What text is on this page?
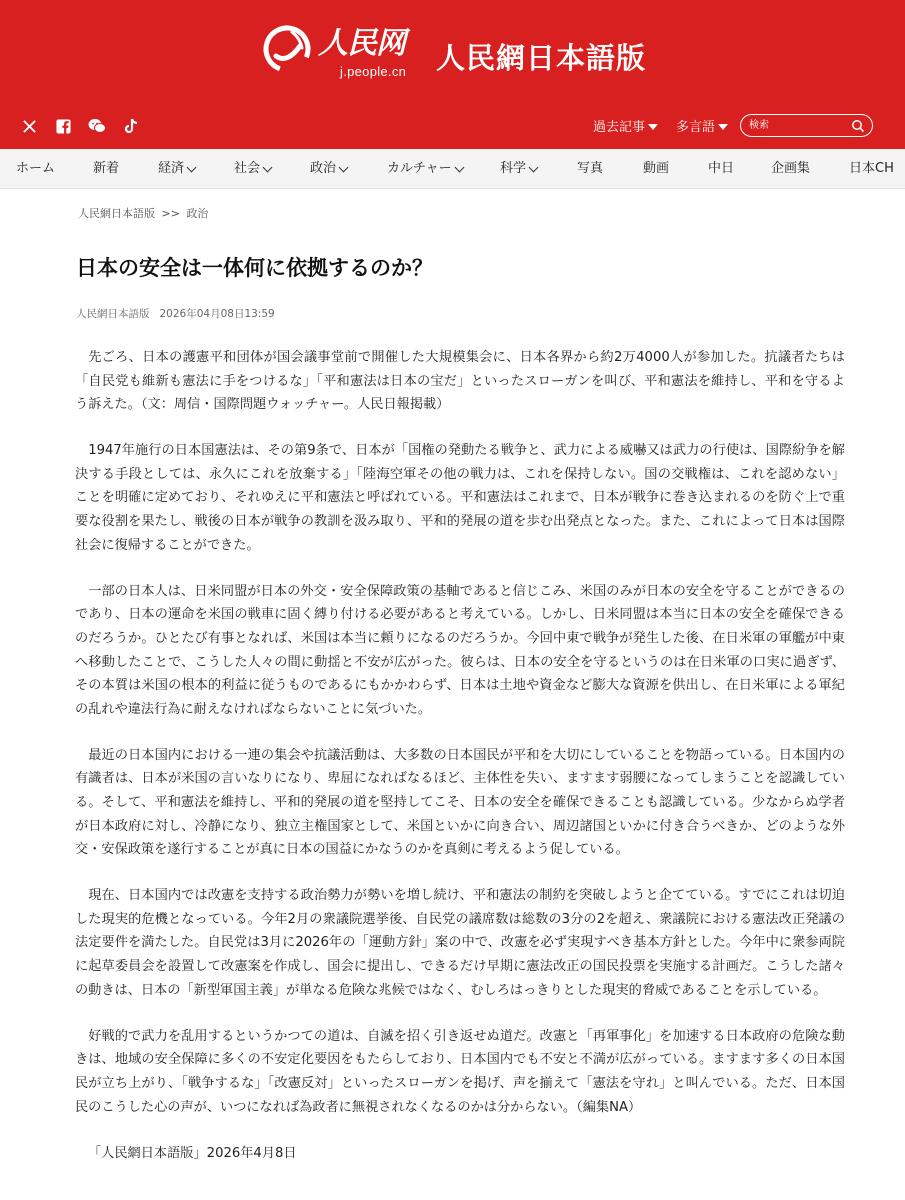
人民网
j.people.cn 人民網日本語版
過去記事 多言語
検索
ホーム	新着	経済	社会	政治	カルチャー	科学	写真	動画	中日	企画集	日本CH
人民網日本語版 >> 政治
日本の安全は一体何に依拠するのか？
人民網日本語版 2026年04月08日13:59

先ごろ、日本の護憲平和団体が国会議事堂前で開催した大規模集会に、日本各界から約2万4000人が参加した。抗議者たちは「自民党も維新も憲法に手をつけるな」「平和憲法は日本の宝だ」といったスローガンを叫び、平和憲法を維持し、平和を守るよう訴えた。（文：周信・国際問題ウォッチャー。人民日報掲載）

1947年施行の日本国憲法は、その第9条で、日本が「国権の発動たる戦争と、武力による威嚇又は武力の行使は、国際紛争を解決する手段としては、永久にこれを放棄する」「陸海空軍その他の戦力は、これを保持しない。国の交戦権は、これを認めない」ことを明確に定めており、それゆえに平和憲法と呼ばれている。平和憲法はこれまで、日本が戦争に巻き込まれるのを防ぐ上で重要な役割を果たし、戦後の日本が戦争の教訓を汲み取り、平和的発展の道を歩む出発点となった。また、これによって日本は国際社会に復帰することができた。

一部の日本人は、日米同盟が日本の外交・安全保障政策の基軸であると信じこみ、米国のみが日本の安全を守ることができるのであり、日本の運命を米国の戦車に固く縛り付ける必要があると考えている。しかし、日米同盟は本当に日本の安全を確保できるのだろうか。ひとたび有事となれば、米国は本当に頼りになるのだろうか。今回中東で戦争が発生した後、在日米軍の軍艦が中東へ移動したことで、こうした人々の間に動揺と不安が広がった。彼らは、日本の安全を守るというのは在日米軍の口実に過ぎず、その本質は米国の根本的利益に従うものであるにもかかわらず、日本は土地や資金など膨大な資源を供出し、在日米軍による軍紀の乱れや違法行為に耐えなければならないことに気づいた。

最近の日本国内における一連の集会や抗議活動は、大多数の日本国民が平和を大切にしていることを物語っている。日本国内の有識者は、日本が米国の言いなりになり、卑屈になればなるほど、主体性を失い、ますます弱腰になってしまうことを認識している。そして、平和憲法を維持し、平和的発展の道を堅持してこそ、日本の安全を確保できることも認識している。少なからぬ学者が日本政府に対し、冷静になり、独立主権国家として、米国といかに向き合い、周辺諸国といかに付き合うべきか、どのような外交・安保政策を遂行することが真に日本の国益にかなうのかを真剣に考えるよう促している。

現在、日本国内では改憲を支持する政治勢力が勢いを増し続け、平和憲法の制約を突破しようと企てている。すでにこれは切迫した現実的危機となっている。今年2月の衆議院選挙後、自民党の議席数は総数の3分の2を超え、衆議院における憲法改正発議の法定要件を満たした。自民党は3月に2026年の「運動方針」案の中で、改憲を必ず実現すべき基本方針とした。今年中に衆参両院に起草委員会を設置して改憲案を作成し、国会に提出し、できるだけ早期に憲法改正の国民投票を実施する計画だ。こうした諸々の動きは、日本の「新型軍国主義」が単なる危険な兆候ではなく、むしろはっきりとした現実的脅威であることを示している。

好戦的で武力を乱用するというかつての道は、自滅を招く引き返せぬ道だ。改憲と「再軍事化」を加速する日本政府の危険な動きは、地域の安全保障に多くの不安定化要因をもたらしており、日本国内でも不安と不満が広がっている。ますます多くの日本国民が立ち上がり、「戦争するな」「改憲反対」といったスローガンを掲げ、声を揃えて「憲法を守れ」と叫んでいる。ただ、日本国民のこうした心の声が、いつになれば為政者に無視されなくなるのかは分からない。（編集NA）

「人民網日本語版」2026年4月8日
